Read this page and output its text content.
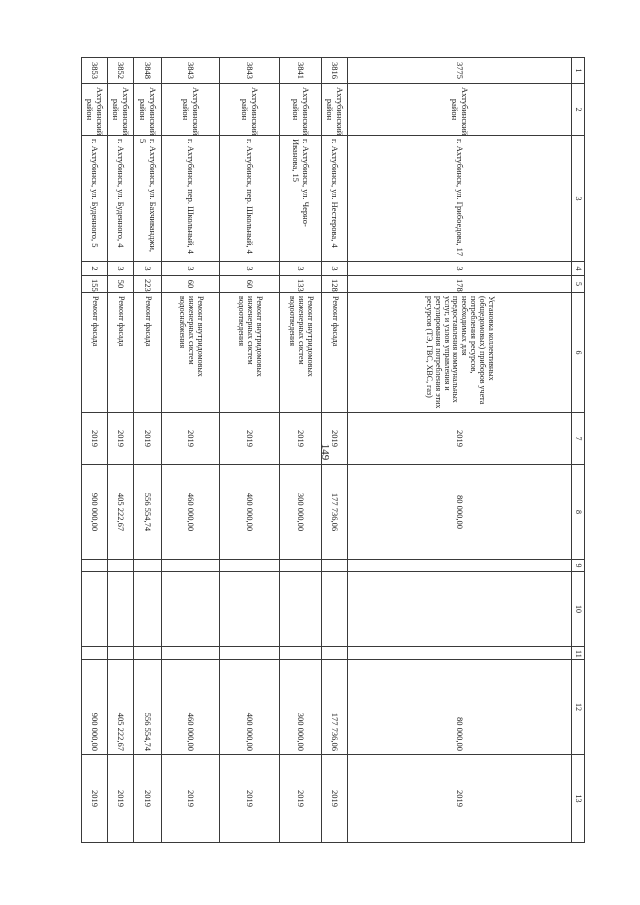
149
1	2	3	4	5	6	7	8	9	10	11	12	13
3775	Ахтубинский район	г. Ахтубинск, ул. Грибоедова, 17	3	178	Установка коллективных (общедомовых) приборов учета потребления ресурсов, необходимых для предоставления коммунальных услуг, и узлов управления и регулирования потребления этих ресурсов (ТЭ, ГВС, ХВС, газ)	2019	80 000,00				80 000,00	2019
3816	Ахтубинский район	г. Ахтубинск, ул. Нестерова, 4	3	128	Ремонт фасада	2019	177 736,06				177 736,06	2019
3841	Ахтубинский район	г. Ахтубинск, ул. Черно-Иванова, 15	3	133	Ремонт внутридомовых инженерных систем водоотведения	2019	300 000,00				300 000,00	2019
3843	Ахтубинский район	г. Ахтубинск, пер. Школьный, 4	3	60	Ремонт внутридомовых инженерных систем водоотведения	2019	400 000,00				400 000,00	2019
3843	Ахтубинский район	г. Ахтубинск, пер. Школьный, 4	3	60	Ремонт внутридомовых инженерных систем водоснабжения	2019	460 000,00				460 000,00	2019
3848	Ахтубинский район	г. Ахтубинск, ул. Бахчиванджи, 5	3	223	Ремонт фасада	2019	556 554,74				556 554,74	2019
3852	Ахтубинский район	г. Ахтубинск, ул. Буденного, 4	3	50	Ремонт фасада	2019	405 222,67				405 222,67	2019
3853	Ахтубинский район	г. Ахтубинск, ул. Буденного, 5	2	155	Ремонт фасада	2019	900 000,00				900 000,00	2019
